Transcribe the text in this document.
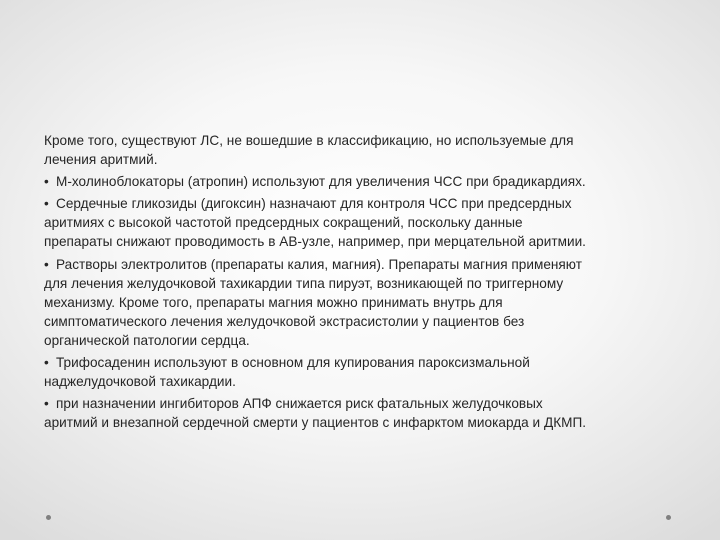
Кроме того, существуют ЛС, не вошедшие в классификацию, но используемые для
лечения аритмий.

• М-холиноблокаторы (атропин) используют для увеличения ЧСС при брадикардиях.

• Сердечные гликозиды (дигоксин) назначают для контроля ЧСС при предсердных
аритмиях с высокой частотой предсердных сокращений, поскольку данные
препараты снижают проводимость в АВ-узле, например, при мерцательной аритмии.

• Растворы электролитов (препараты калия, магния). Препараты магния применяют
для лечения желудочковой тахикардии типа пируэт, возникающей по триггерному
механизму. Кроме того, препараты магния можно принимать внутрь для
симптоматического лечения желудочковой экстрасистолии у пациентов без
органической патологии сердца.

• Трифосаденин используют в основном для купирования пароксизмальной
наджелудочковой тахикардии.

• при назначении ингибиторов АПФ снижается риск фатальных желудочковых
аритмий и внезапной сердечной смерти у пациентов с инфарктом миокарда и ДКМП.
